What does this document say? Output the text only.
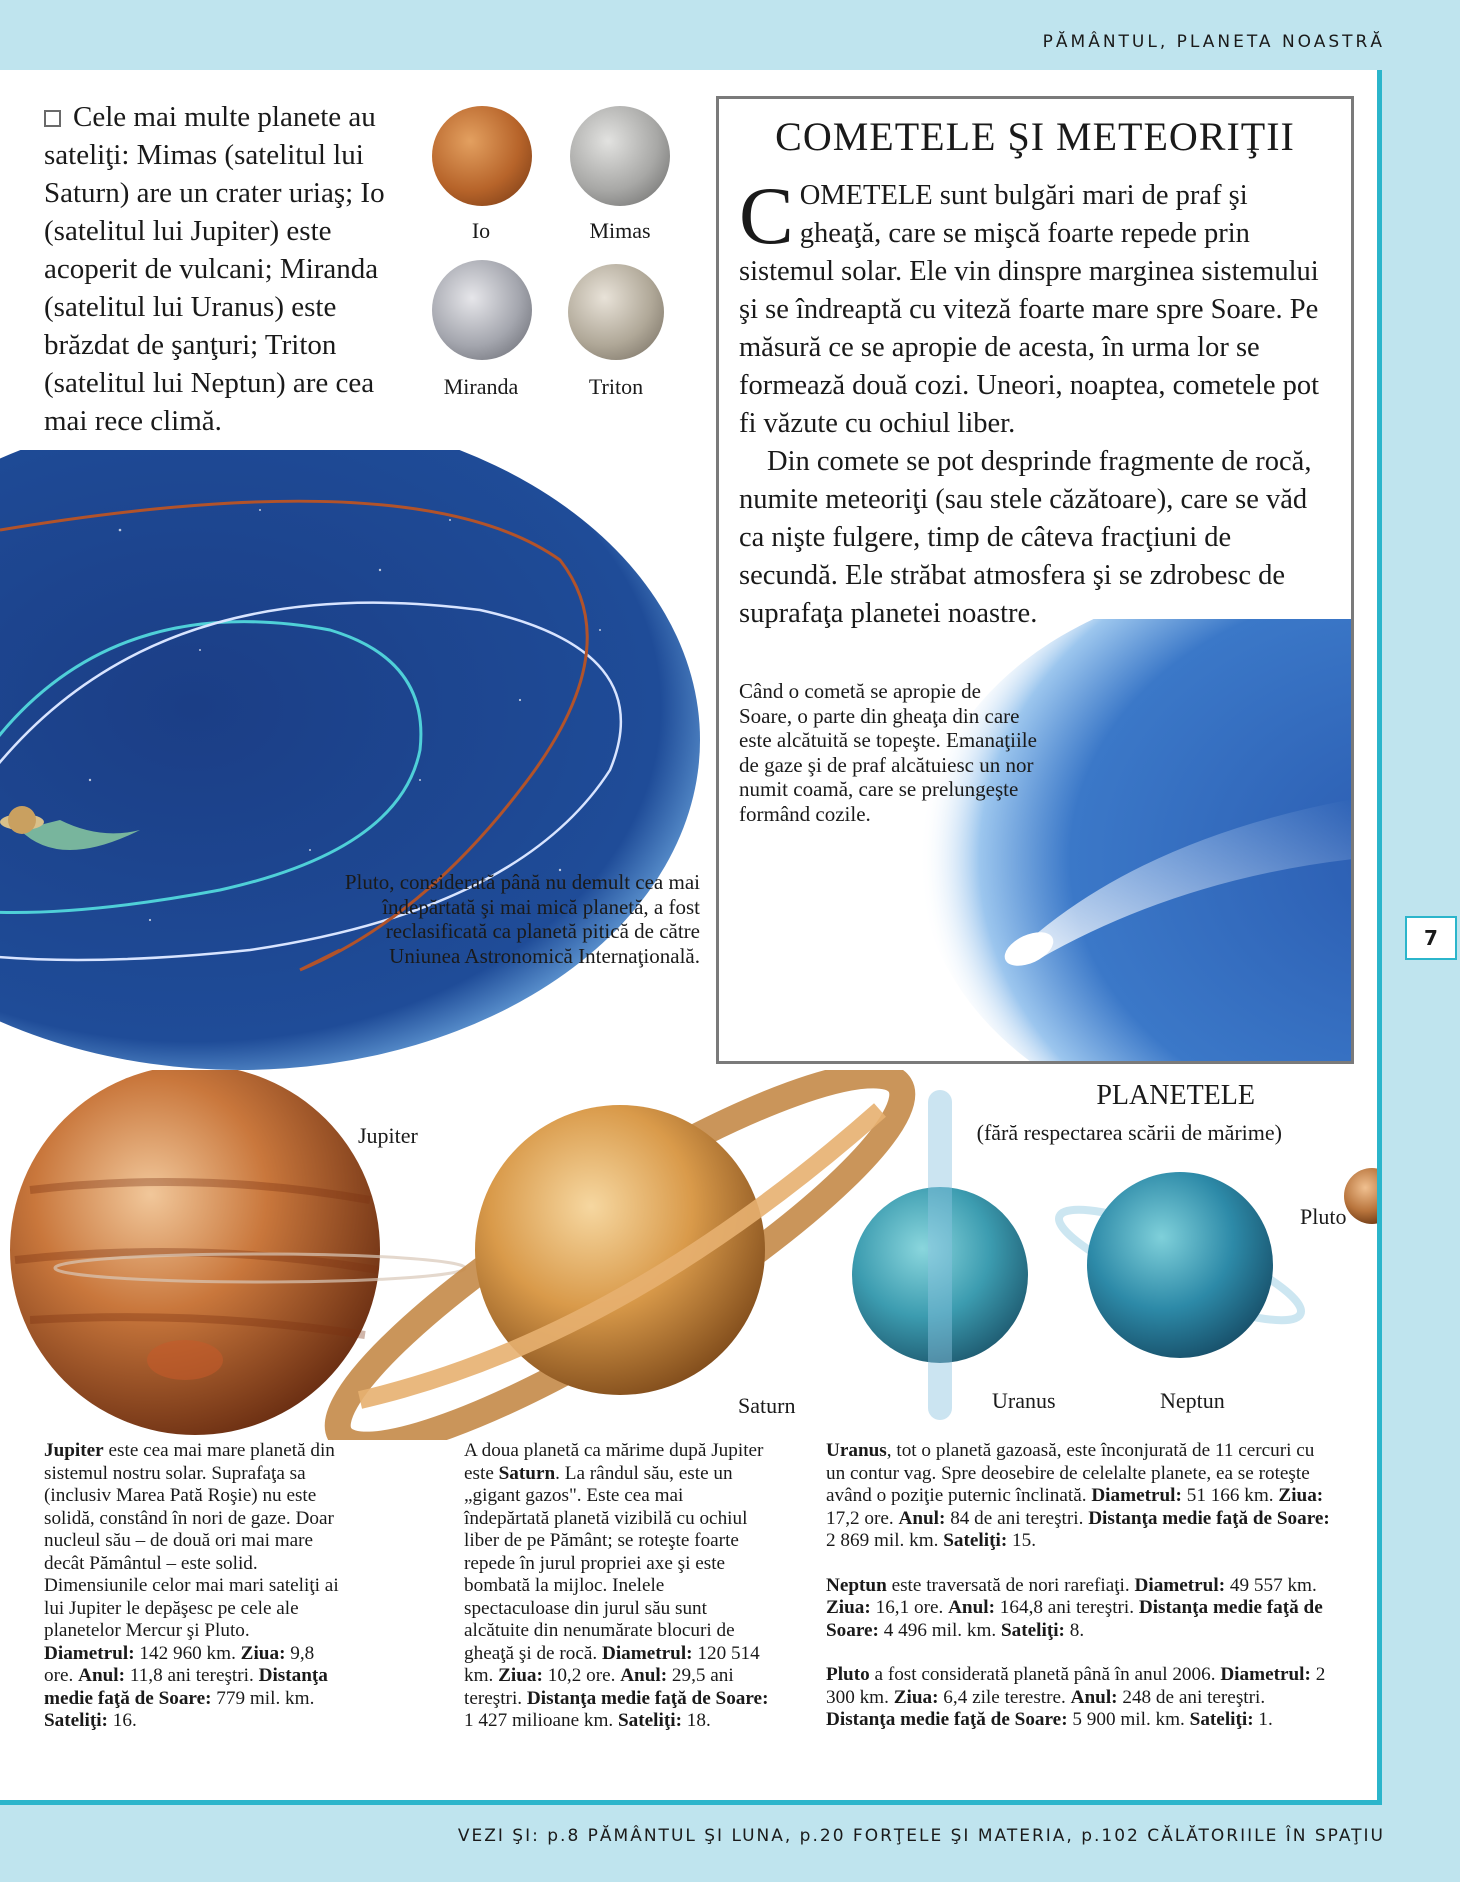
PĂMÂNTUL, PLANETA NOASTRĂ
Cele mai multe planete au sateliţi: Mimas (satelitul lui Saturn) are un crater uriaş; Io (satelitul lui Jupiter) este acoperit de vulcani; Miranda (satelitul lui Uranus) este brăzdat de şanţuri; Triton (satelitul lui Neptun) are cea mai rece climă.
Io	Mimas
Miranda	Triton
COMETELE ŞI METEORIŢII
COMETELE sunt bulgări mari de praf şi gheaţă, care se mişcă foarte repede prin sistemul solar. Ele vin dinspre marginea sistemului şi se îndreaptă cu viteză foarte mare spre Soare. Pe măsură ce se apropie de acesta, în urma lor se formează două cozi. Uneori, noaptea, cometele pot fi văzute cu ochiul liber.
Din comete se pot desprinde fragmente de rocă, numite meteoriţi (sau stele căzătoare), care se văd ca nişte fulgere, timp de câteva fracţiuni de secundă. Ele străbat atmosfera şi se zdrobesc de suprafaţa planetei noastre.
Când o cometă se apropie de Soare, o parte din gheaţa din care este alcătuită se topeşte. Emanaţiile de gaze şi de praf alcătuiesc un nor numit coamă, care se prelungeşte formând cozile.
Pluto, considerată până nu demult cea mai îndepărtată şi mai mică planetă, a fost reclasificată ca planetă pitică de către Uniunea Astronomică Internaţională.
PLANETELE
(fără respectarea scării de mărime)
Jupiter
Saturn	Uranus	Neptun
Pluto
Jupiter este cea mai mare planetă din sistemul nostru solar. Suprafaţa sa (inclusiv Marea Pată Roşie) nu este solidă, constând în nori de gaze. Doar nucleul său – de două ori mai mare decât Pământul – este solid. Dimensiunile celor mai mari sateliţi ai lui Jupiter le depăşesc pe cele ale planetelor Mercur şi Pluto. Diametrul: 142 960 km. Ziua: 9,8 ore. Anul: 11,8 ani tereştri. Distanţa medie faţă de Soare: 779 mil. km. Sateliţi: 16.
A doua planetă ca mărime după Jupiter este Saturn. La rândul său, este un „gigant gazos". Este cea mai îndepărtată planetă vizibilă cu ochiul liber de pe Pământ; se roteşte foarte repede în jurul propriei axe şi este bombată la mijloc. Inelele spectaculoase din jurul său sunt alcătuite din nenumărate blocuri de gheaţă şi de rocă. Diametrul: 120 514 km. Ziua: 10,2 ore. Anul: 29,5 ani tereştri. Distanţa medie faţă de Soare: 1 427 milioane km. Sateliţi: 18.
Uranus, tot o planetă gazoasă, este înconjurată de 11 cercuri cu un contur vag. Spre deosebire de celelalte planete, ea se roteşte având o poziţie puternic înclinată. Diametrul: 51 166 km. Ziua: 17,2 ore. Anul: 84 de ani tereştri. Distanţa medie faţă de Soare: 2 869 mil. km. Sateliţi: 15.
Neptun este traversată de nori rarefiaţi. Diametrul: 49 557 km. Ziua: 16,1 ore. Anul: 164,8 ani tereştri. Distanţa medie faţă de Soare: 4 496 mil. km. Sateliţi: 8.
Pluto a fost considerată planetă până în anul 2006. Diametrul: 2 300 km. Ziua: 6,4 zile terestre. Anul: 248 de ani tereştri. Distanţa medie faţă de Soare: 5 900 mil. km. Sateliţi: 1.
7
VEZI ŞI: p.8 PĂMÂNTUL ŞI LUNA, p.20 FORŢELE ŞI MATERIA, p.102 CĂLĂTORIILE ÎN SPAŢIU
